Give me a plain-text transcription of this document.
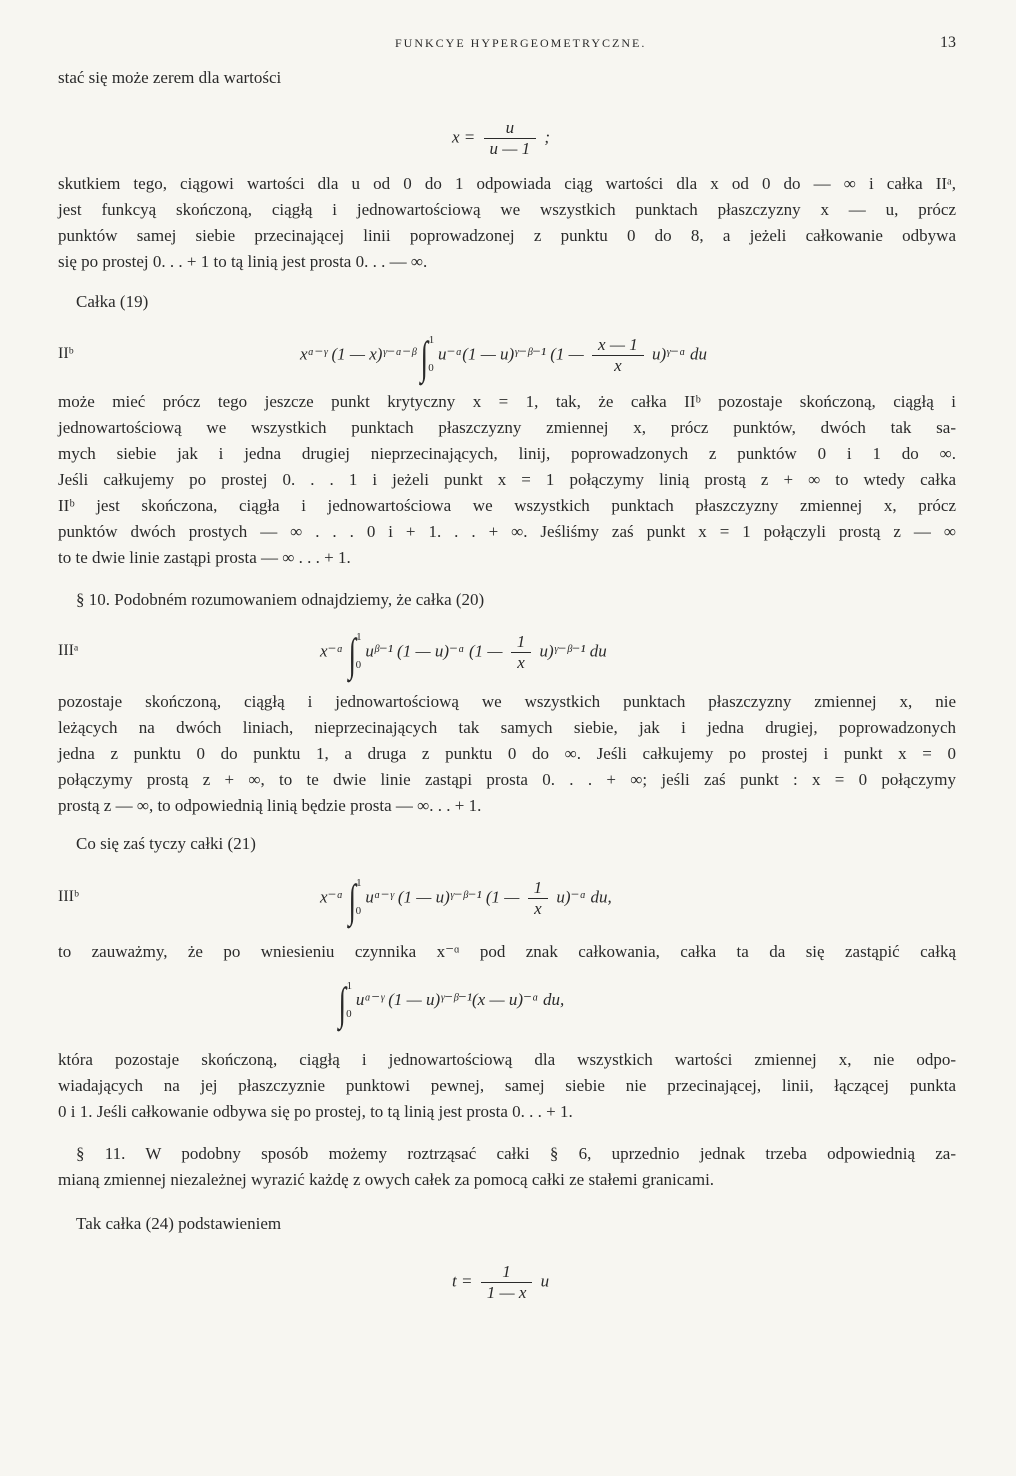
FUNKCYE HYPERGEOMETRYCZNE.	13
stać się może zerem dla wartości
$x = \frac{u}{u — 1}$ ;
skutkiem tego, ciągowi wartości dla u od 0 do 1 odpowiada ciąg wartości dla x od 0 do — ∞ i całka IIᵃ,
jest funkcyą skończoną, ciągłą i jednowartościową we wszystkich punktach płaszczyzny x — u, prócz
punktów samej siebie przecinającej linii poprowadzonej z punktu 0 do 8, a jeżeli całkowanie odbywa
się po prostej 0. . . + 1 to tą linią jest prosta 0. . . — ∞.
Całka (19)
IIᵇ	xᵅ⁻ᵞ (1 — x)ᵞ⁻ᵅ⁻ᵝ ∫$^1_0$ u⁻ᵅ(1 — u)ᵞ⁻ᵝ⁻¹ (1 — $\frac{x — 1}{x}$ u)ᵞ⁻ᵅ du
może mieć prócz tego jeszcze punkt krytyczny x = 1, tak, że całka IIᵇ pozostaje skończoną, ciągłą i
jednowartościową we wszystkich punktach płaszczyzny zmiennej x, prócz punktów, dwóch tak sa-
mych siebie jak i jedna drugiej nieprzecinających, linij, poprowadzonych z punktów 0 i 1 do ∞.
Jeśli całkujemy po prostej 0. . . 1 i jeżeli punkt x = 1 połączymy linią prostą z + ∞ to wtedy całka
IIᵇ jest skończona, ciągła i jednowartościowa we wszystkich punktach płaszczyzny zmiennej x, prócz
punktów dwóch prostych — ∞ . . . 0 i + 1. . . + ∞. Jeśliśmy zaś punkt x = 1 połączyli prostą z — ∞
to te dwie linie zastąpi prosta — ∞ . . . + 1.
§ 10. Podobném rozumowaniem odnajdziemy, że całka (20)
IIIᵃ	x⁻ᵅ ∫$^1_0$ uᵝ⁻¹ (1 — u)⁻ᵅ (1 — $\frac{1}{x}$ u)ᵞ⁻ᵝ⁻¹ du
pozostaje skończoną, ciągłą i jednowartościową we wszystkich punktach płaszczyzny zmiennej x, nie
leżących na dwóch liniach, nieprzecinających tak samych siebie, jak i jedna drugiej, poprowadzonych
jedna z punktu 0 do punktu 1, a druga z punktu 0 do ∞. Jeśli całkujemy po prostej i punkt x = 0
połączymy prostą z + ∞, to te dwie linie zastąpi prosta 0. . . + ∞; jeśli zaś punkt : x = 0 połączymy
prostą z — ∞, to odpowiednią linią będzie prosta — ∞. . . + 1.
Co się zaś tyczy całki (21)
IIIᵇ	x⁻ᵅ ∫$^1_0$ uᵅ⁻ᵞ (1 — u)ᵞ⁻ᵝ⁻¹ (1 — $\frac{1}{x}$ u)⁻ᵅ du,
to zauważmy, że po wniesieniu czynnika x⁻ᵅ pod znak całkowania, całka ta da się zastąpić całką
∫$^1_0$ uᵅ⁻ᵞ (1 — u)ᵞ⁻ᵝ⁻¹(x — u)⁻ᵅ du,
która pozostaje skończoną, ciągłą i jednowartościową dla wszystkich wartości zmiennej x, nie odpo-
wiadających na jej płaszczyznie punktowi pewnej, samej siebie nie przecinającej, linii, łączącej punkta
0 i 1. Jeśli całkowanie odbywa się po prostej, to tą linią jest prosta 0. . . + 1.
§ 11. W podobny sposób możemy roztrząsać całki § 6, uprzednio jednak trzeba odpowiednią za-
mianą zmiennej niezależnej wyrazić każdę z owych całek za pomocą całki ze stałemi granicami.
Tak całka (24) podstawieniem
$t = \frac{1}{1 — x}$ u
